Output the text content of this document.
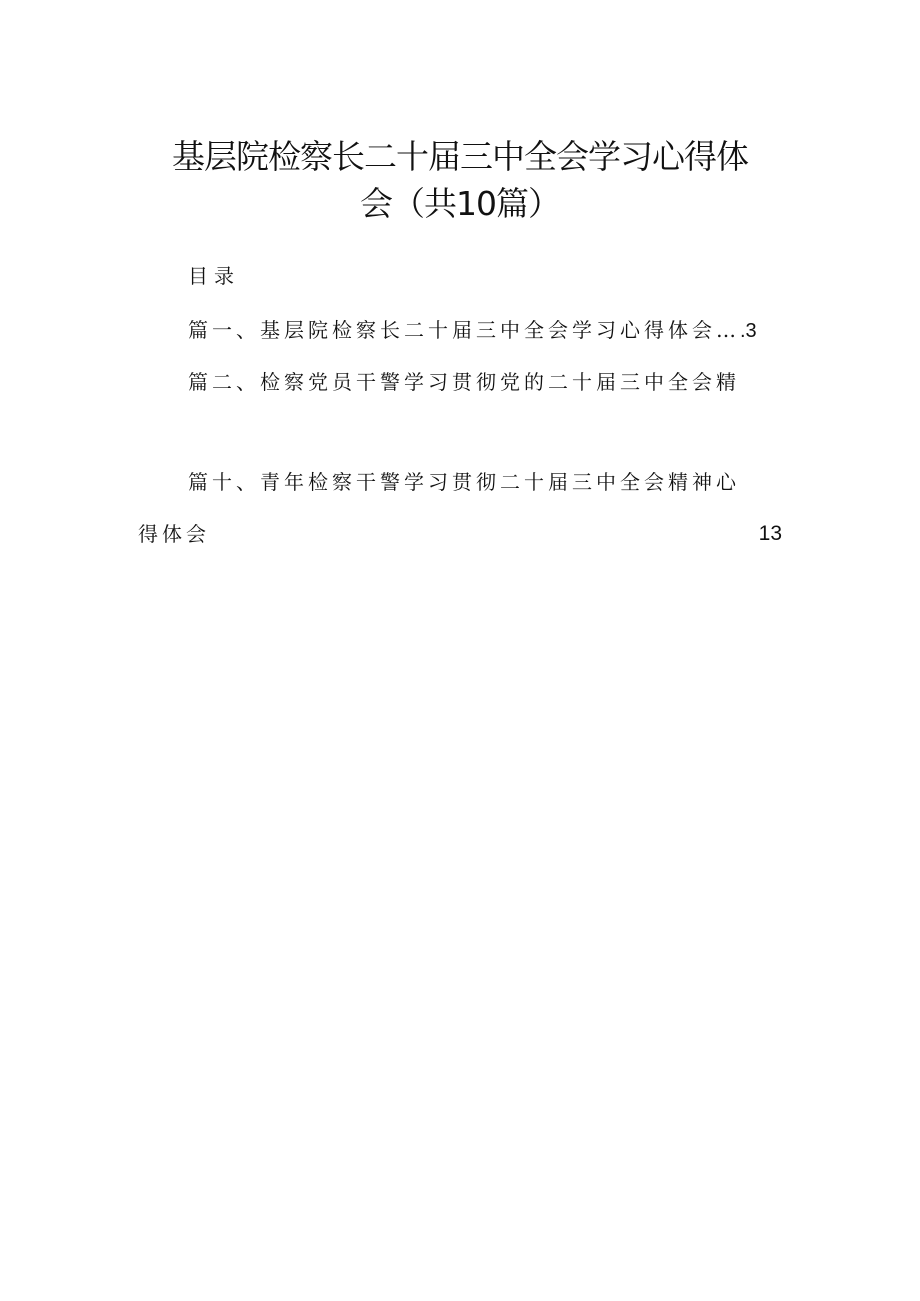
基层院检察长二十届三中全会学习心得体
会（共10篇）
目录
篇一、基层院检察长二十届三中全会学习心得体会….3
篇二、检察党员干警学习贯彻党的二十届三中全会精
篇十、青年检察干警学习贯彻二十届三中全会精神心
得体会	13
